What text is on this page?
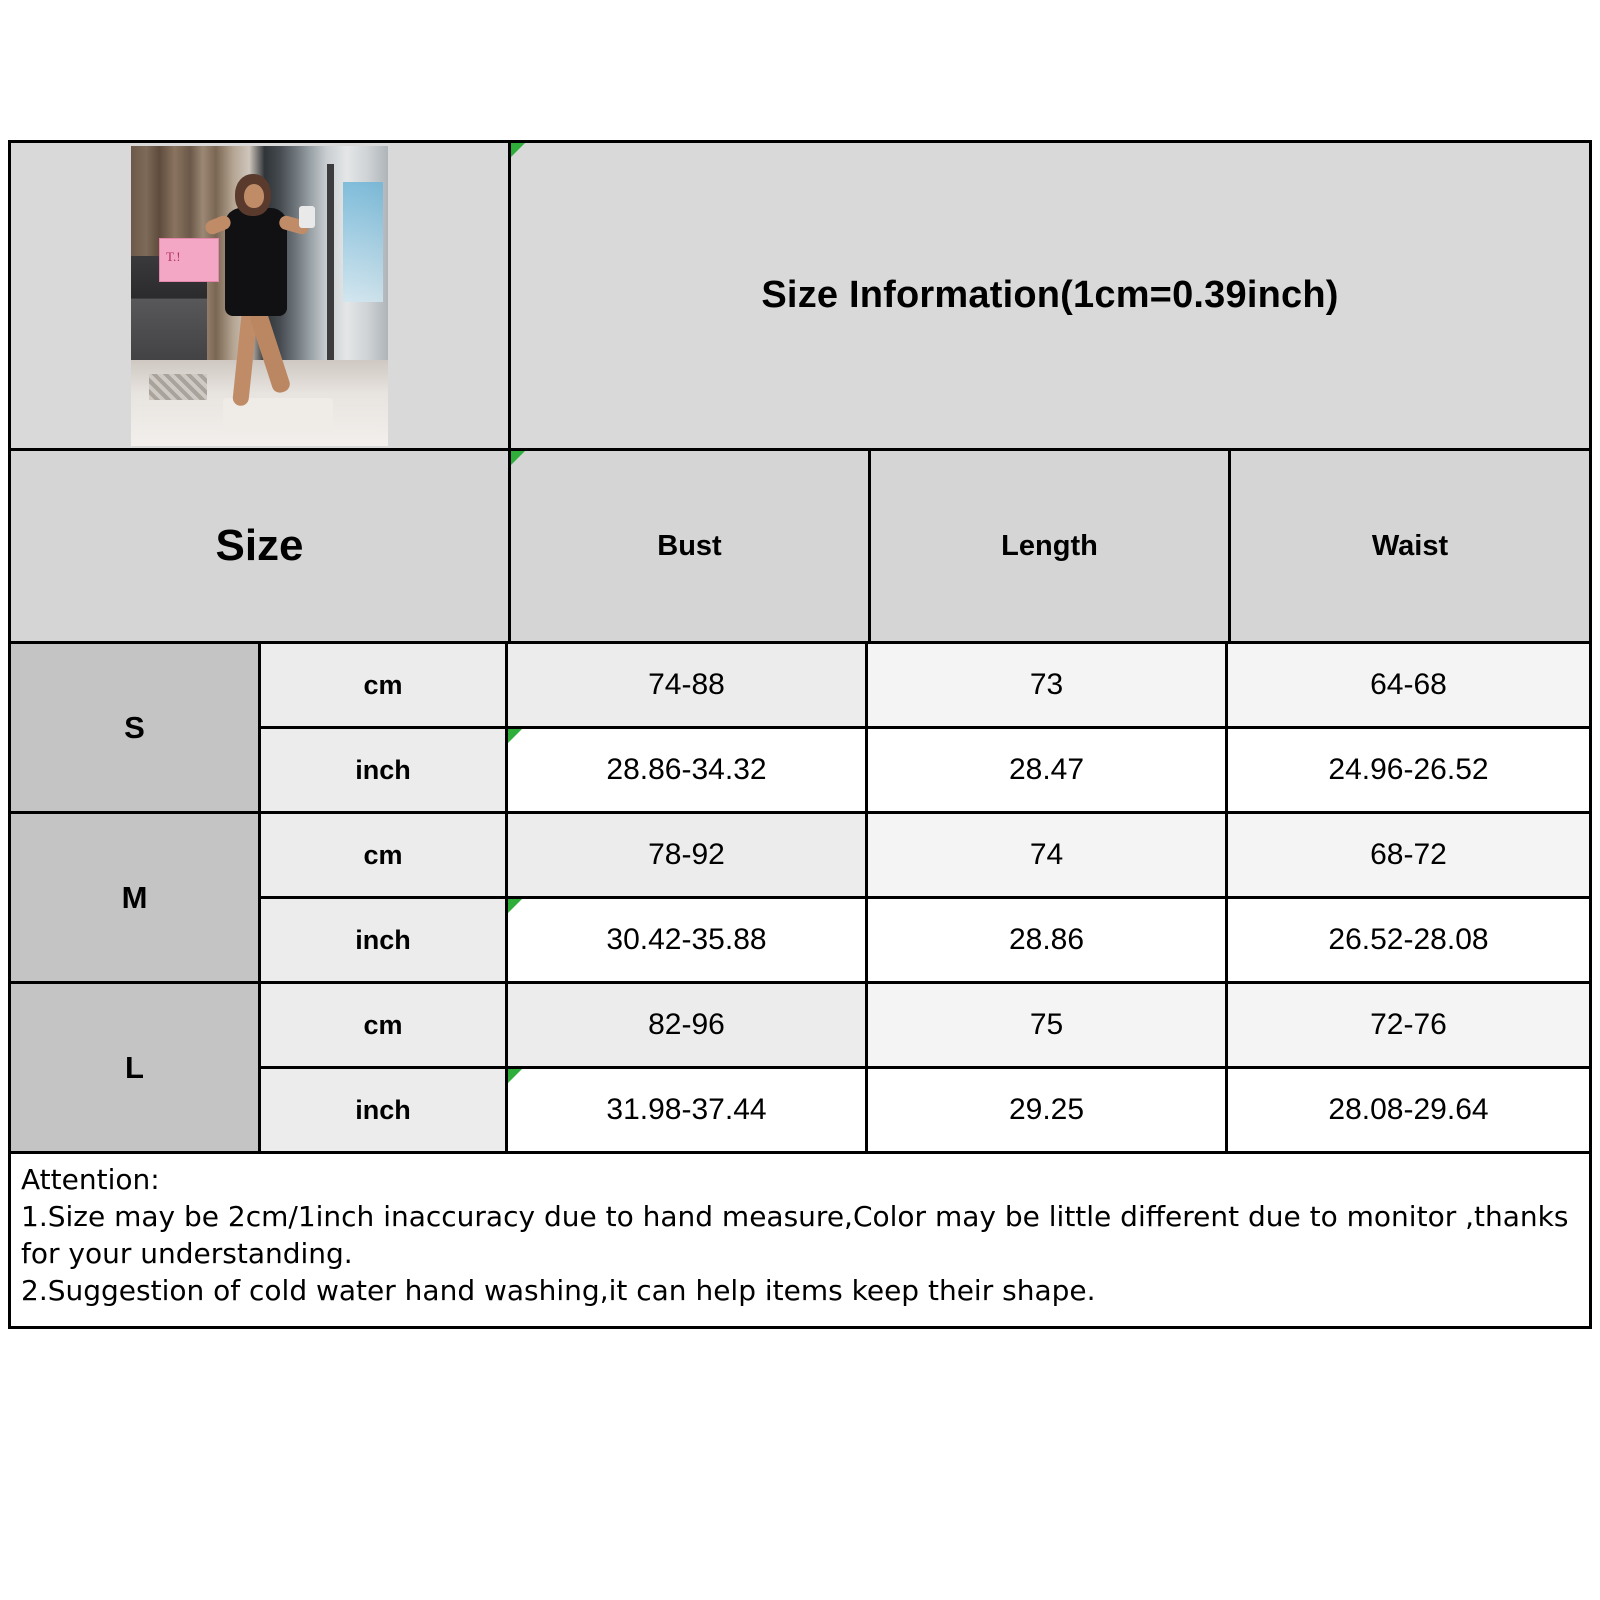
T.!
Size Information(1cm=0.39inch)
Size	Bust	Length	Waist
S
cm	74-88	73	64-68
inch	28.86-34.32	28.47	24.96-26.52
M
cm	78-92	74	68-72
inch	30.42-35.88	28.86	26.52-28.08
L
cm	82-96	75	72-76
inch	31.98-37.44	29.25	28.08-29.64
Attention:
1.Size may be 2cm/1inch inaccuracy due to hand measure,Color may be little different due to monitor ,thanks for your understanding.
2.Suggestion of cold water hand washing,it can help items keep their shape.
